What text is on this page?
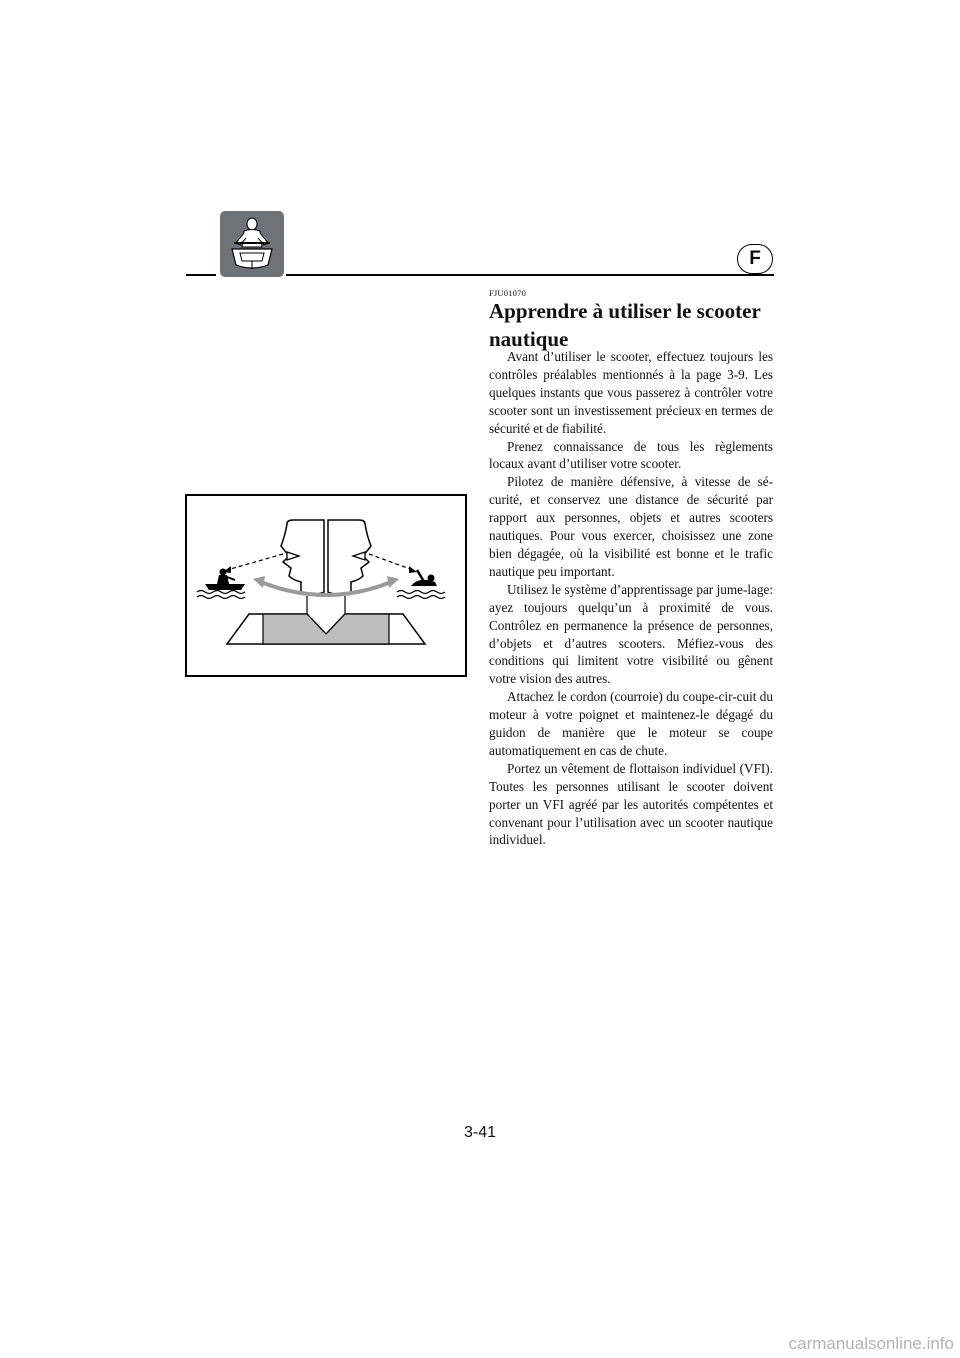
F
FJU01070
Apprendre à utiliser le scooter nautique

Avant d’utiliser le scooter, effectuez toujours les contrôles préalables mentionnés à la page 3-9. Les quelques instants que vous passerez à contrôler votre scooter sont un investissement précieux en termes de sécurité et de fiabilité.

Prenez connaissance de tous les règlements locaux avant d’utiliser votre scooter.

Pilotez de manière défensive, à vitesse de sé-curité, et conservez une distance de sécurité par rapport aux personnes, objets et autres scooters nautiques. Pour vous exercer, choisissez une zone bien dégagée, où la visibilité est bonne et le trafic nautique peu important.

Utilisez le système d’apprentissage par jume-lage: ayez toujours quelqu’un à proximité de vous. Contrôlez en permanence la présence de personnes, d’objets et d’autres scooters. Méfiez-vous des conditions qui limitent votre visibilité ou gênent votre vision des autres.

Attachez le cordon (courroie) du coupe-cir-cuit du moteur à votre poignet et maintenez-le dégagé du guidon de manière que le moteur se coupe automatiquement en cas de chute.

Portez un vêtement de flottaison individuel (VFI). Toutes les personnes utilisant le scooter doivent porter un VFI agréé par les autorités compétentes et convenant pour l’utilisation avec un scooter nautique individuel.

3-41
carmanualsonline.info
